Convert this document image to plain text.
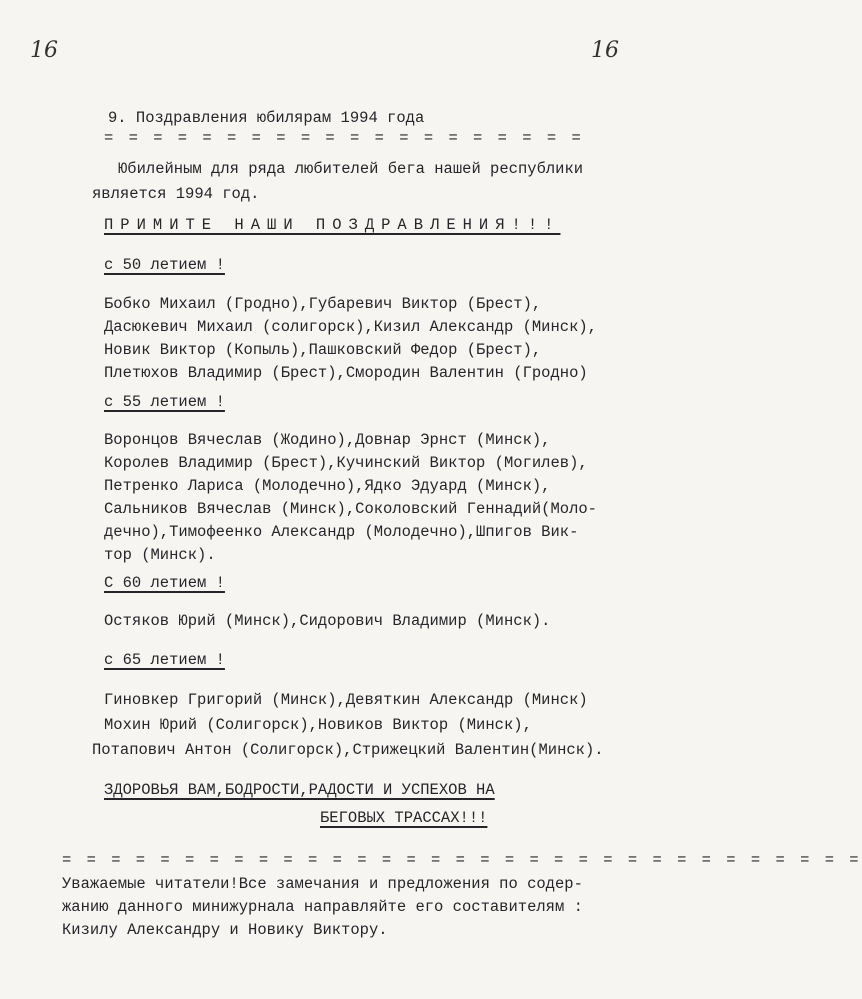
16	16
9. Поздравления юбилярам 1994 года
= = = = = = = = = = = = = = = = = = = =
Юбилейным для ряда любителей бега нашей республики
является 1994 год.
ПРИМИТЕ НАШИ ПОЗДРАВЛЕНИЯ!!!
с 50 летием !
Бобко Михаил (Гродно),Губаревич Виктор (Брест),
Дасюкевич Михаил (солигорск),Кизил Александр (Минск),
Новик Виктор (Копыль),Пашковский Федор (Брест),
Плетюхов Владимир (Брест),Смородин Валентин (Гродно)
с 55 летием !
Воронцов Вячеслав (Жодино),Довнар Эрнст (Минск),
Королев Владимир (Брест),Кучинский Виктор (Могилев),
Петренко Лариса (Молодечно),Ядко Эдуард (Минск),
Сальников Вячеслав (Минск),Соколовский Геннадий(Моло-
дечно),Тимофеенко Александр (Молодечно),Шпигов Вик-
тор (Минск).
С 60 летием !
Остяков Юрий (Минск),Сидорович Владимир (Минск).
с 65 летием !
Гиновкер Григорий (Минск),Девяткин Александр (Минск)
Мохин Юрий (Солигорск),Новиков Виктор (Минск),
Потапович Антон (Солигорск),Стрижецкий Валентин(Минск).
ЗДОРОВЬЯ ВАМ,БОДРОСТИ,РАДОСТИ И УСПЕХОВ НА
БЕГОВЫХ ТРАССАХ!!!
= = = = = = = = = = = = = = = = = = = = = = = = = = = = = = = = =
Уважаемые читатели!Все замечания и предложения по содер-
жанию данного минижурнала направляйте его составителям :
Кизилу Александру и Новику Виктору.
